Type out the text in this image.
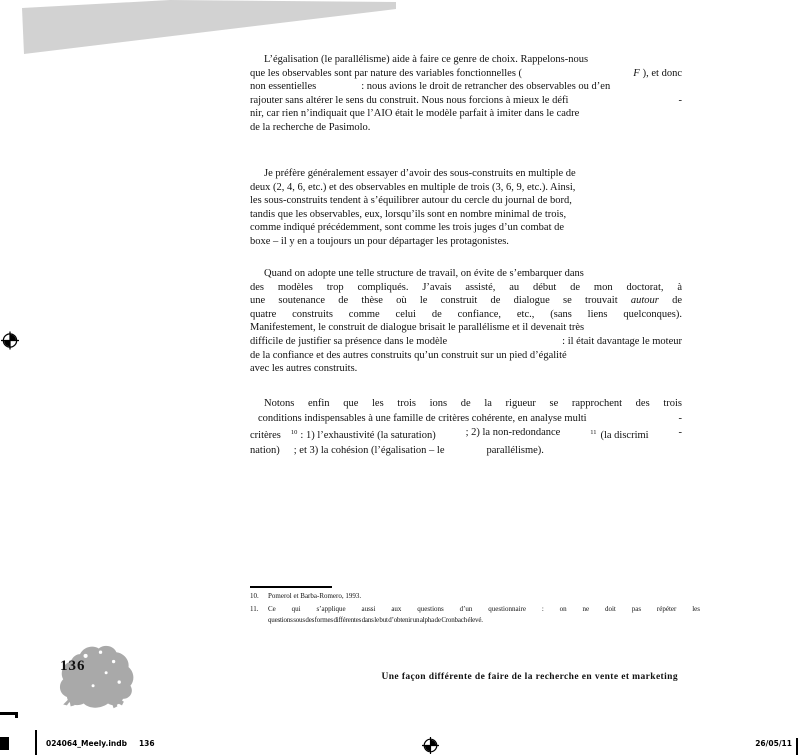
L’égalisation (le parallélisme) aide à faire ce genre de choix. Rappelons-nous
que les observables sont par nature des variables fonctionnelles (	F ), et donc
non essentielles	: nous avions le droit de retrancher des observables ou d’en
rajouter sans altérer le sens du construit. Nous nous forcions à mieux le défi	-
nir, car rien n’indiquait que l’AIO était le modèle parfait à imiter dans le cadre
de la recherche de Pasimolo.
Je préfère généralement essayer d’avoir des sous-construits en multiple de
deux (2, 4, 6, etc.) et des observables en multiple de trois (3, 6, 9, etc.). Ainsi,
les sous-construits tendent à s’équilibrer autour du cercle du journal de bord,
tandis que les observables, eux, lorsqu’ils sont en nombre minimal de trois,
comme indiqué précédemment, sont comme les trois juges d’un combat de
boxe – il y en a toujours un pour départager les protagonistes.
Quand on adopte une telle structure de travail, on évite de s’embarquer dans
des modèles trop compliqués. J’avais assisté, au début de mon doctorat, à
une soutenance de thèse où le construit de dialogue se trouvait autour de
quatre construits comme celui de confiance, etc., (sans liens quelconques).
Manifestement, le construit de dialogue brisait le parallélisme et il devenait très
difficile de justifier sa présence dans le modèle	: il était davantage le moteur
de la confiance et des autres construits qu’un construit sur un pied d’égalité
avec les autres construits.
Notons enfin que les trois ions de la rigueur se rapprochent des trois
conditions indispensables à une famille de critères cohérente, en analyse multi	-
critères $^{10}$ : 1) l’exhaustivité (la saturation)	; 2) la non-redondance	$^{11}$ (la discrimi	-
nation) ; et 3) la cohésion (l’égalisation – le	parallélisme).
10.	Pomerol et Barba-Romero, 1993.
11.	Ce qui s’applique aussi aux questions d’un questionnaire : on ne doit pas répéter les
questions sous des formes différentes dans le but d’obtenir un alpha de Cronbach élevé.
136
Une façon différente de faire de la recherche en vente et marketing
024064_Meely.indb 136	26/05/11
